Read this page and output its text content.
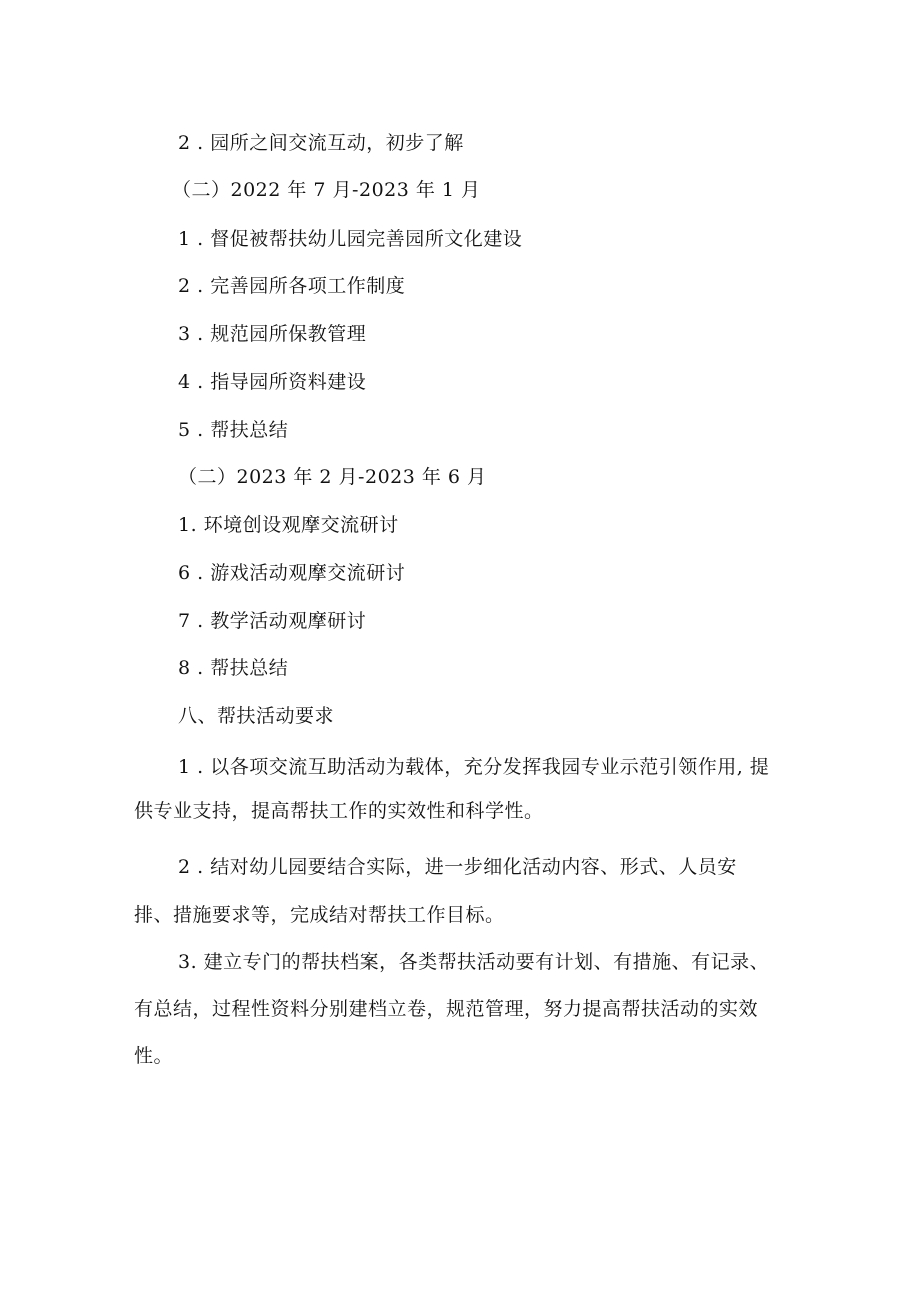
2 . 园所之间交流互动，初步了解
（二）2022 年 7 月-2023 年 1 月
1 . 督促被帮扶幼儿园完善园所文化建设
2 . 完善园所各项工作制度
3 . 规范园所保教管理
4 . 指导园所资料建设
5 . 帮扶总结
（二）2023 年 2 月-2023 年 6 月
1. 环境创设观摩交流研讨
6 . 游戏活动观摩交流研讨
7 . 教学活动观摩研讨
8 . 帮扶总结
八、帮扶活动要求
1 . 以各项交流互助活动为载体，充分发挥我园专业示范引领作用, 提
供专业支持，提高帮扶工作的实效性和科学性。
2 . 结对幼儿园要结合实际，进一步细化活动内容、形式、人员安
排、措施要求等，完成结对帮扶工作目标。
3. 建立专门的帮扶档案，各类帮扶活动要有计划、有措施、有记录、
有总结，过程性资料分别建档立卷，规范管理，努力提高帮扶活动的实效
性。
